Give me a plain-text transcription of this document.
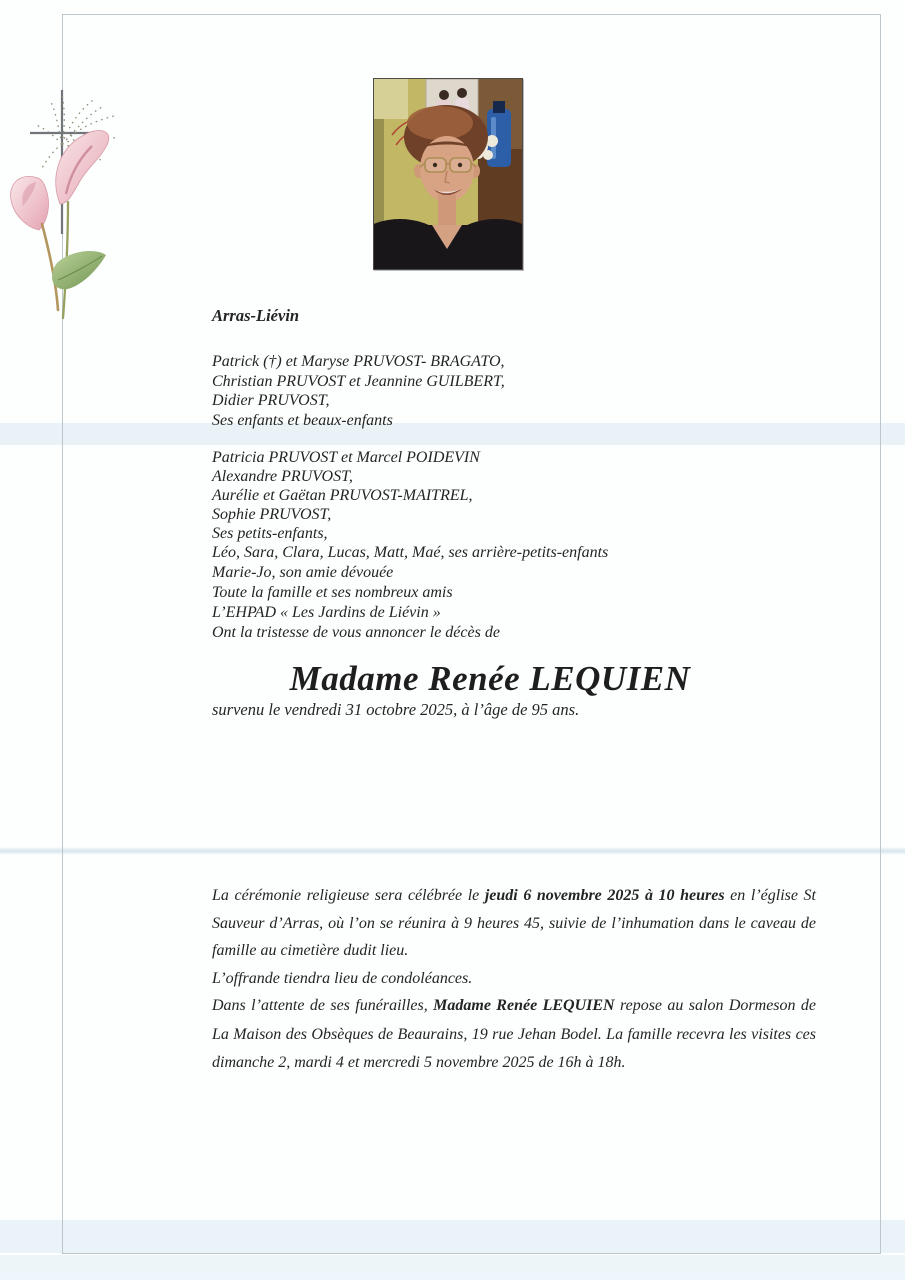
Arras-Liévin

Patrick (†) et Maryse PRUVOST- BRAGATO,
Christian PRUVOST et Jeannine GUILBERT,
Didier PRUVOST,
Ses enfants et beaux-enfants
Patricia PRUVOST et Marcel POIDEVIN
Alexandre PRUVOST,
Aurélie et Gaëtan PRUVOST-MAITREL,
Sophie PRUVOST,
Ses petits-enfants,

Léo, Sara, Clara, Lucas, Matt, Maé, ses arrière-petits-enfants

Marie-Jo, son amie dévouée

Toute la famille et ses nombreux amis

L’EHPAD « Les Jardins de Liévin »

Ont la tristesse de vous annoncer le décès de

Madame Renée LEQUIEN

survenu le vendredi 31 octobre 2025, à l’âge de 95 ans.

La cérémonie religieuse sera célébrée le jeudi 6 novembre 2025 à 10 heures en l’église St Sauveur d’Arras, où l’on se réunira à 9 heures 45, suivie de l’inhumation dans le caveau de famille au cimetière dudit lieu.

L’offrande tiendra lieu de condoléances.

Dans l’attente de ses funérailles, Madame Renée LEQUIEN repose au salon Dormeson de La Maison des Obsèques de Beaurains, 19 rue Jehan Bodel. La famille recevra les visites ces dimanche 2, mardi 4 et mercredi 5 novembre 2025 de 16h à 18h.
